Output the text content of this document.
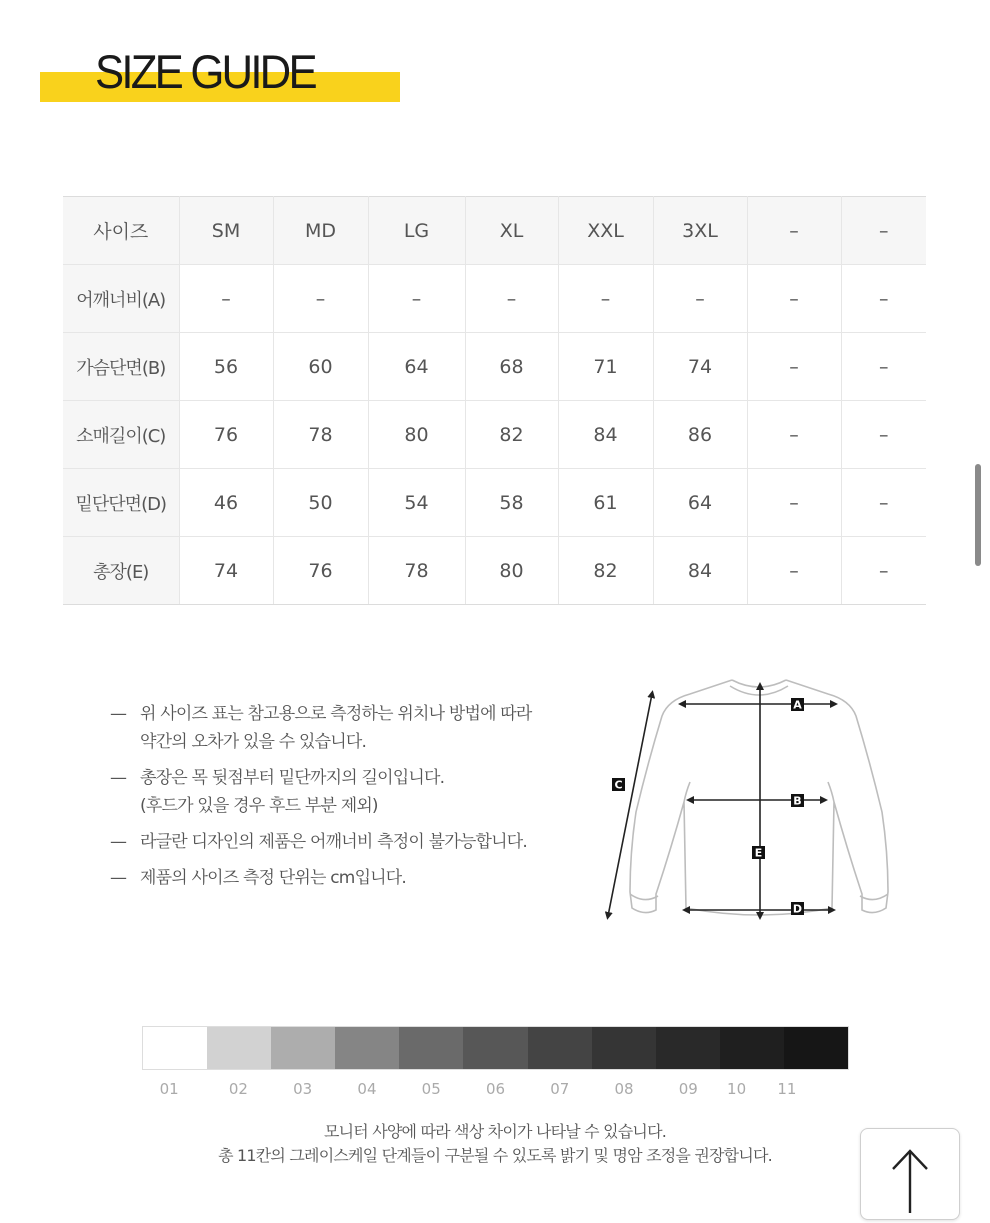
SIZE GUIDE
사이즈	SM	MD	LG	XL	XXL	3XL	–	–
어깨너비(A)	–	–	–	–	–	–	–	–
가슴단면(B)	56	60	64	68	71	74	–	–
소매길이(C)	76	78	80	82	84	86	–	–
밑단단면(D)	46	50	54	58	61	64	–	–
총장(E)	74	76	78	80	82	84	–	–
— 위 사이즈 표는 참고용으로 측정하는 위치나 방법에 따라
약간의 오차가 있을 수 있습니다.
— 총장은 목 뒷점부터 밑단까지의 길이입니다.
(후드가 있을 경우 후드 부분 제외)
— 라글란 디자인의 제품은 어깨너비 측정이 불가능합니다.
— 제품의 사이즈 측정 단위는 cm입니다.
A
B
C
D
E
01	02	03	04	05	06	07	08	09 10 11
모니터 사양에 따라 색상 차이가 나타날 수 있습니다.
총 11칸의 그레이스케일 단계들이 구분될 수 있도록 밝기 및 명암 조정을 권장합니다.
